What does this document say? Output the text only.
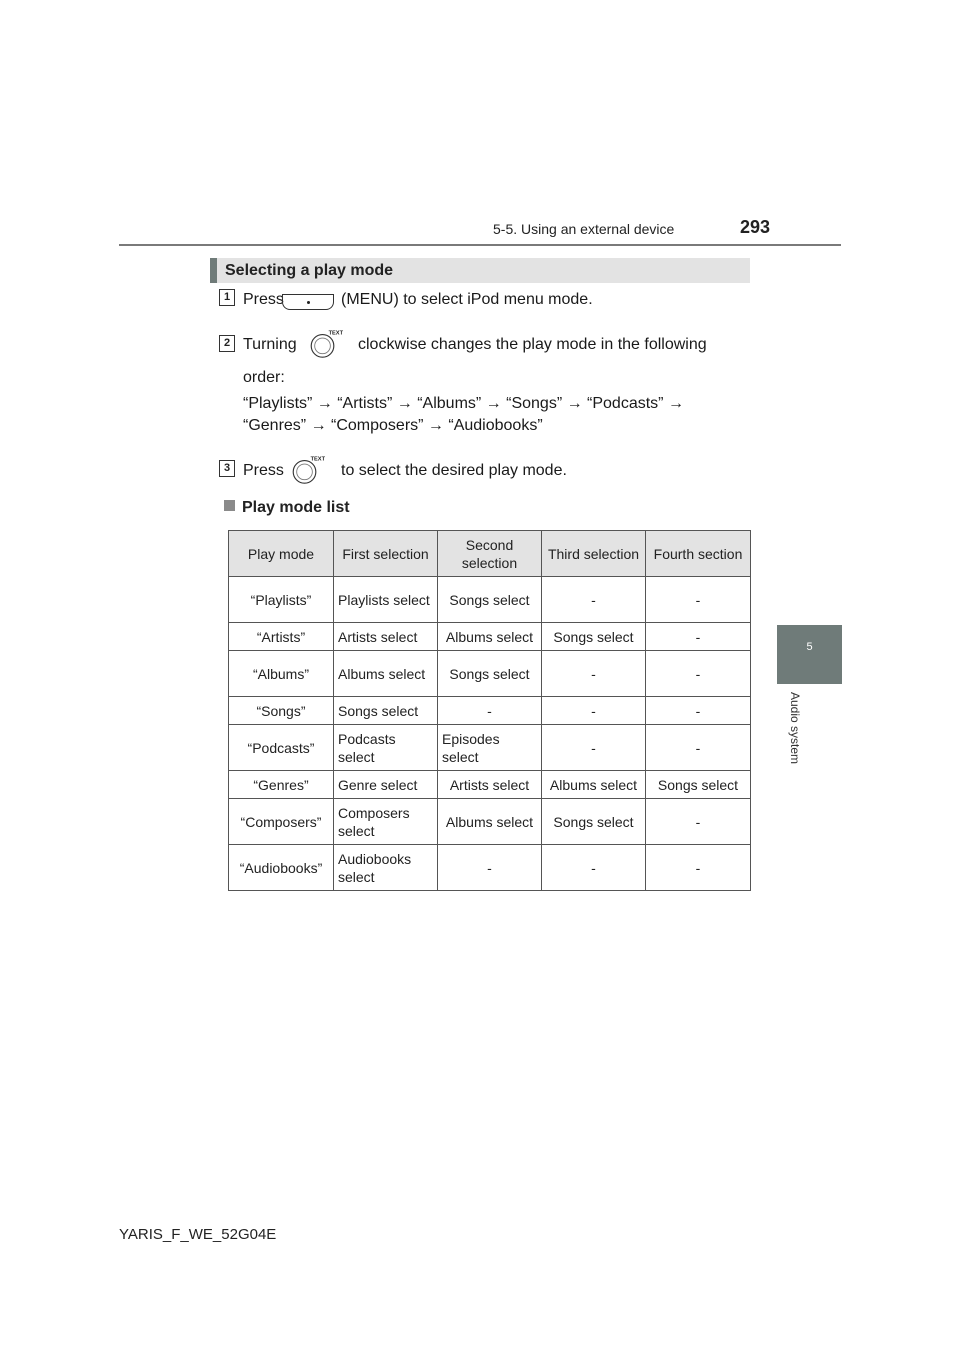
5-5. Using an external device	293
5
Audio system
Selecting a play mode
1 Press	(MENU) to select iPod menu mode.
2 Turning
TEXT
clockwise changes the play mode in the following
order:
“Playlists” → “Artists” → “Albums” → “Songs” → “Podcasts” →
“Genres” → “Composers” → “Audiobooks”
3 Press
TEXT
to select the desired play mode.
Play mode list
Play mode	First selection	Second selection	Third selection	Fourth section
“Playlists”	Playlists select	Songs select	-	-
“Artists”	Artists select	Albums select	Songs select	-
“Albums”	Albums select	Songs select	-	-
“Songs”	Songs select	-	-	-
“Podcasts”	Podcasts select	Episodes select	-	-
“Genres”	Genre select	Artists select	Albums select	Songs select
“Composers”	Composers select	Albums select	Songs select	-
“Audiobooks”	Audiobooks select	-	-	-
YARIS_F_WE_52G04E
